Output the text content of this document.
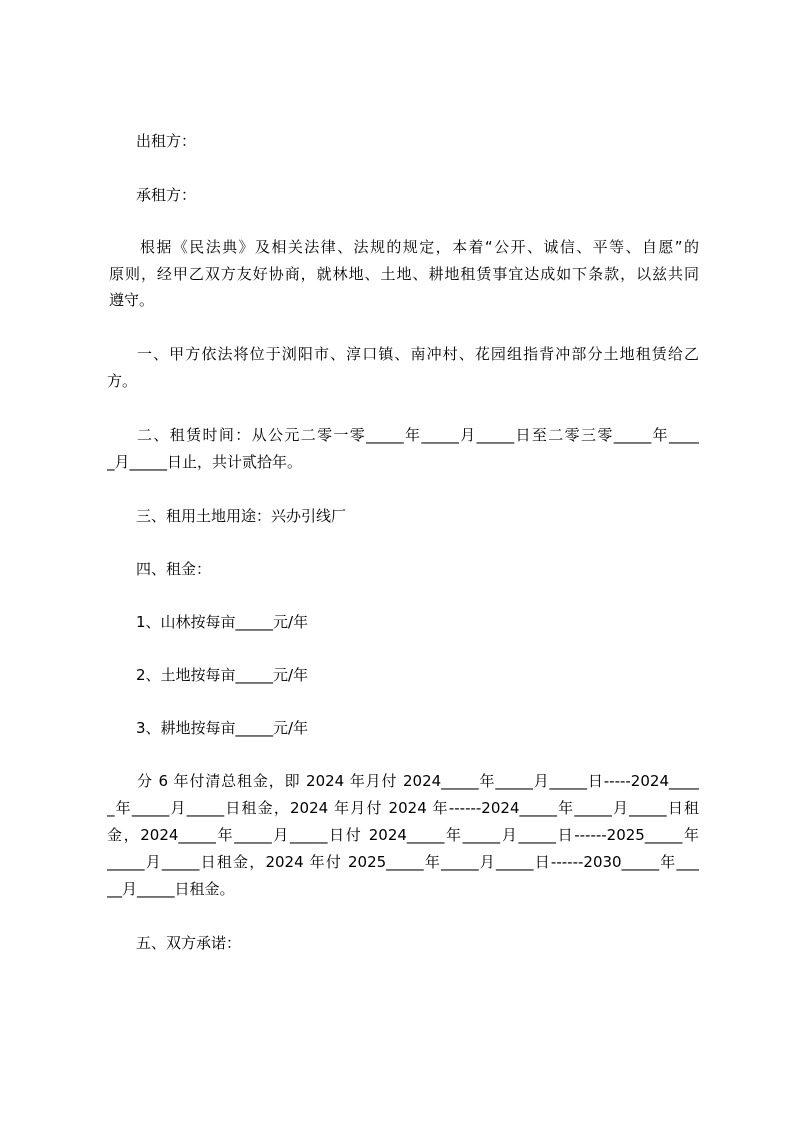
出租方：
承租方：
根据《民法典》及相关法律、法规的规定，本着“公开、诚信、平等、自愿”的
原则，经甲乙双方友好协商，就林地、土地、耕地租赁事宜达成如下条款，以兹共同
遵守。
一、甲方依法将位于浏阳市、淳口镇、南冲村、花园组指背冲部分土地租赁给乙
方。
二、租赁时间：从公元二零一零_____年_____月_____日至二零三零_____年____
_月_____日止，共计贰拾年。
三、租用土地用途：兴办引线厂
四、租金：
1、山林按每亩_____元/年
2、土地按每亩_____元/年
3、耕地按每亩_____元/年
分 6 年付清总租金，即 2024 年月付 2024_____年_____月_____日-----2024____
_年_____月_____日租金，2024 年月付 2024 年------2024_____年_____月_____日租
金，2024_____年_____月_____日付 2024_____年_____月_____日------2025_____年
_____月_____日租金，2024 年付 2025_____年_____月_____日------2030_____年___
__月_____日租金。
五、双方承诺：
